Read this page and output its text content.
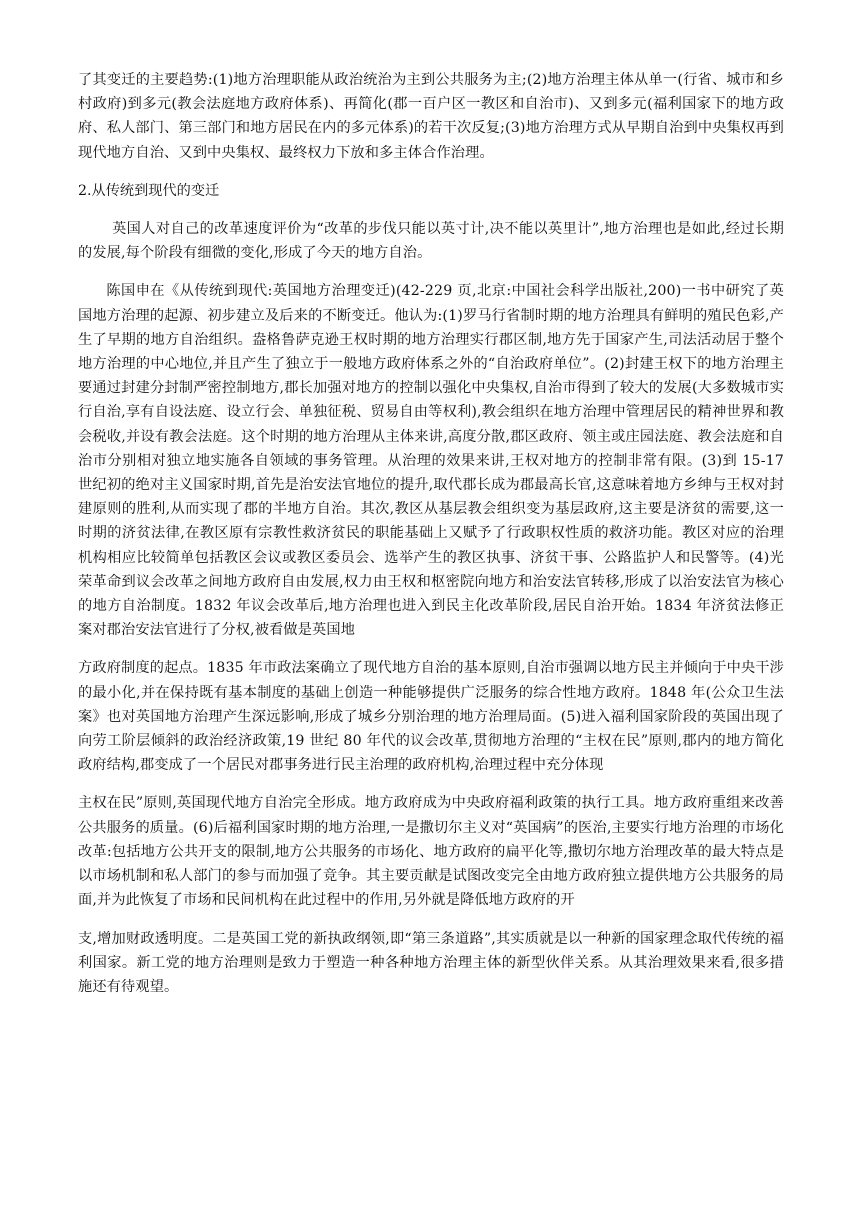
了其变迁的主要趋势:(1)地方治理职能从政治统治为主到公共服务为主;(2)地方治理主体从单一(行省、城市和乡村政府)到多元(教会法庭地方政府体系)、再简化(郡一百户区一教区和自治市)、又到多元(福利国家下的地方政府、私人部门、第三部门和地方居民在内的多元体系)的若干次反复;(3)地方治理方式从早期自治到中央集权再到现代地方自治、又到中央集权、最终权力下放和多主体合作治理。

2.从传统到现代的变迁

英国人对自己的改革速度评价为“改革的步伐只能以英寸计,决不能以英里计”,地方治理也是如此,经过长期的发展,每个阶段有细微的变化,形成了今天的地方自治。

陈国申在《从传统到现代:英国地方治理变迁)(42-229 页,北京:中国社会科学出版社,200)一书中研究了英国地方治理的起源、初步建立及后来的不断变迁。他认为:(1)罗马行省制时期的地方治理具有鲜明的殖民色彩,产生了早期的地方自治组织。盎格鲁萨克逊王权时期的地方治理实行郡区制,地方先于国家产生,司法活动居于整个地方治理的中心地位,并且产生了独立于一般地方政府体系之外的“自治政府单位”。(2)封建王权下的地方治理主要通过封建分封制严密控制地方,郡长加强对地方的控制以强化中央集权,自治市得到了较大的发展(大多数城市实行自治,享有自设法庭、设立行会、单独征税、贸易自由等权利),教会组织在地方治理中管理居民的精神世界和教会税收,并设有教会法庭。这个时期的地方治理从主体来讲,高度分散,郡区政府、领主或庄园法庭、教会法庭和自治市分别相对独立地实施各自领域的事务管理。从治理的效果来讲,王权对地方的控制非常有限。(3)到 15-17 世纪初的绝对主义国家时期,首先是治安法官地位的提升,取代郡长成为郡最高长官,这意味着地方乡绅与王权对封建原则的胜利,从而实现了郡的半地方自治。其次,教区从基层教会组织变为基层政府,这主要是济贫的需要,这一时期的济贫法律,在教区原有宗教性救济贫民的职能基础上又赋予了行政职权性质的救济功能。教区对应的治理机构相应比较简单包括教区会议或教区委员会、选举产生的教区执事、济贫干事、公路监护人和民警等。(4)光荣革命到议会改革之间地方政府自由发展,权力由王权和枢密院向地方和治安法官转移,形成了以治安法官为核心的地方自治制度。1832 年议会改革后,地方治理也进入到民主化改革阶段,居民自治开始。1834 年济贫法修正案对郡治安法官进行了分权,被看做是英国地

方政府制度的起点。1835 年市政法案确立了现代地方自治的基本原则,自治市强调以地方民主并倾向于中央干涉的最小化,并在保持既有基本制度的基础上创造一种能够提供广泛服务的综合性地方政府。1848 年(公众卫生法案》也对英国地方治理产生深远影响,形成了城乡分别治理的地方治理局面。(5)进入福利国家阶段的英国出现了向劳工阶层倾斜的政治经济政策,19 世纪 80 年代的议会改革,贯彻地方治理的“主权在民”原则,郡内的地方简化政府结构,郡变成了一个居民对郡事务进行民主治理的政府机构,治理过程中充分体现

主权在民”原则,英国现代地方自治完全形成。地方政府成为中央政府福利政策的执行工具。地方政府重组来改善公共服务的质量。(6)后福利国家时期的地方治理,一是撒切尔主义对“英国病”的医治,主要实行地方治理的市场化改革:包括地方公共开支的限制,地方公共服务的市场化、地方政府的扁平化等,撒切尔地方治理改革的最大特点是以市场机制和私人部门的参与而加强了竞争。其主要贡献是试图改变完全由地方政府独立提供地方公共服务的局面,并为此恢复了市场和民间机构在此过程中的作用,另外就是降低地方政府的开

支,增加财政透明度。二是英国工党的新执政纲领,即“第三条道路”,其实质就是以一种新的国家理念取代传统的福利国家。新工党的地方治理则是致力于塑造一种各种地方治理主体的新型伙伴关系。从其治理效果来看,很多措施还有待观望。
